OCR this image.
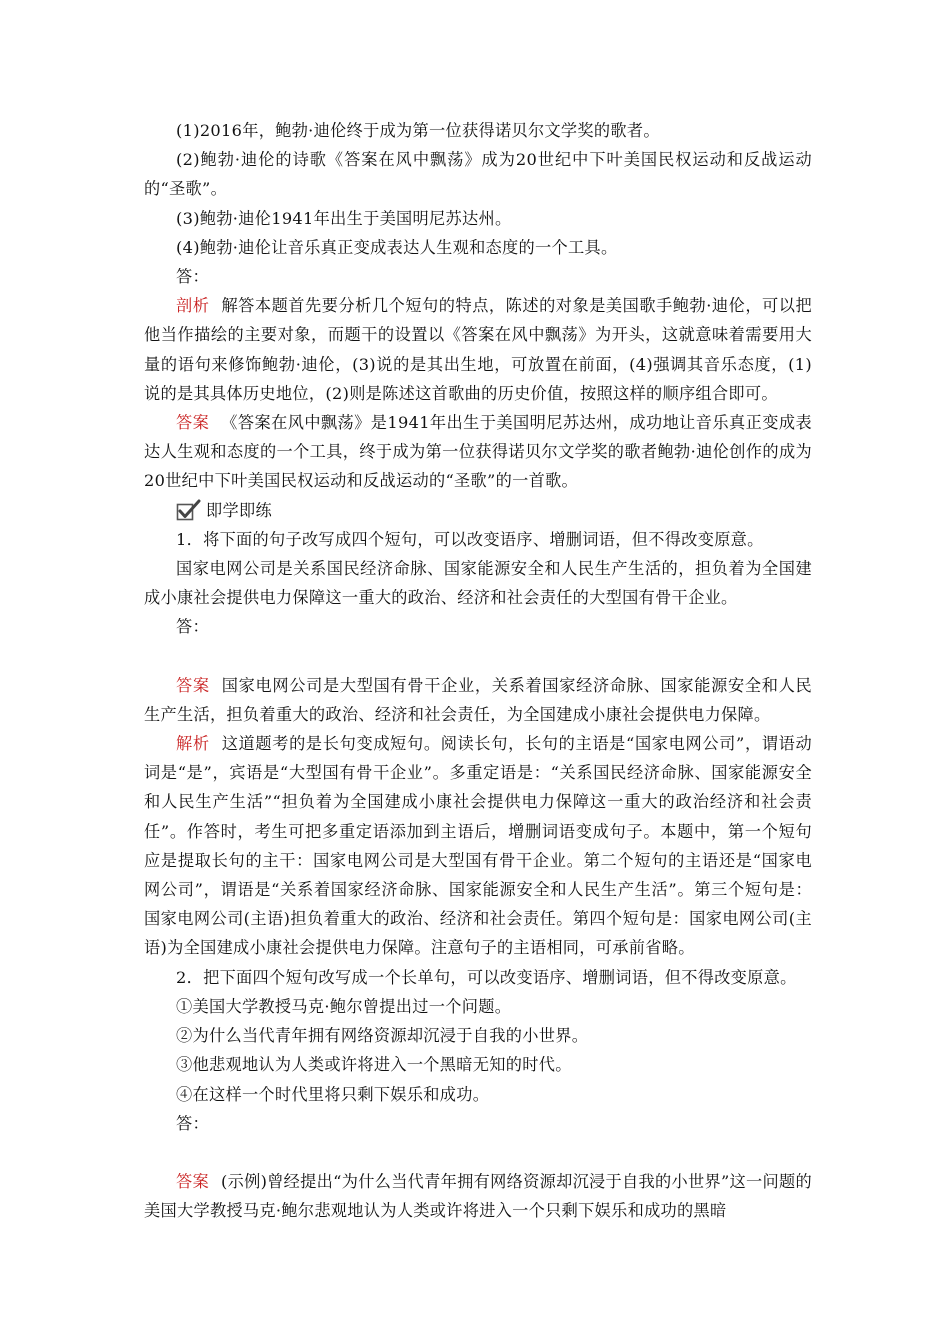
(1)2016年，鲍勃·迪伦终于成为第一位获得诺贝尔文学奖的歌者。

(2)鲍勃·迪伦的诗歌《答案在风中飘荡》成为20世纪中下叶美国民权运动和反战运动的“圣歌”。

(3)鲍勃·迪伦1941年出生于美国明尼苏达州。

(4)鲍勃·迪伦让音乐真正变成表达人生观和态度的一个工具。

答：

剖析 解答本题首先要分析几个短句的特点，陈述的对象是美国歌手鲍勃·迪伦，可以把他当作描绘的主要对象，而题干的设置以《答案在风中飘荡》为开头，这就意味着需要用大量的语句来修饰鲍勃·迪伦，(3)说的是其出生地，可放置在前面，(4)强调其音乐态度，(1)说的是其具体历史地位，(2)则是陈述这首歌曲的历史价值，按照这样的顺序组合即可。

答案 《答案在风中飘荡》是1941年出生于美国明尼苏达州，成功地让音乐真正变成表达人生观和态度的一个工具，终于成为第一位获得诺贝尔文学奖的歌者鲍勃·迪伦创作的成为20世纪中下叶美国民权运动和反战运动的“圣歌”的一首歌。

即学即练

1．将下面的句子改写成四个短句，可以改变语序、增删词语，但不得改变原意。

国家电网公司是关系国民经济命脉、国家能源安全和人民生产生活的，担负着为全国建成小康社会提供电力保障这一重大的政治、经济和社会责任的大型国有骨干企业。

答：

答案 国家电网公司是大型国有骨干企业，关系着国家经济命脉、国家能源安全和人民生产生活，担负着重大的政治、经济和社会责任，为全国建成小康社会提供电力保障。

解析 这道题考的是长句变成短句。阅读长句，长句的主语是“国家电网公司”，谓语动词是“是”，宾语是“大型国有骨干企业”。多重定语是：“关系国民经济命脉、国家能源安全和人民生产生活”“担负着为全国建成小康社会提供电力保障这一重大的政治经济和社会责任”。作答时，考生可把多重定语添加到主语后，增删词语变成句子。本题中，第一个短句应是提取长句的主干：国家电网公司是大型国有骨干企业。第二个短句的主语还是“国家电网公司”，谓语是“关系着国家经济命脉、国家能源安全和人民生产生活”。第三个短句是：国家电网公司(主语)担负着重大的政治、经济和社会责任。第四个短句是：国家电网公司(主语)为全国建成小康社会提供电力保障。注意句子的主语相同，可承前省略。

2．把下面四个短句改写成一个长单句，可以改变语序、增删词语，但不得改变原意。

①美国大学教授马克·鲍尔曾提出过一个问题。

②为什么当代青年拥有网络资源却沉浸于自我的小世界。

③他悲观地认为人类或许将进入一个黑暗无知的时代。

④在这样一个时代里将只剩下娱乐和成功。

答：

答案 (示例)曾经提出“为什么当代青年拥有网络资源却沉浸于自我的小世界”这一问题的美国大学教授马克·鲍尔悲观地认为人类或许将进入一个只剩下娱乐和成功的黑暗
